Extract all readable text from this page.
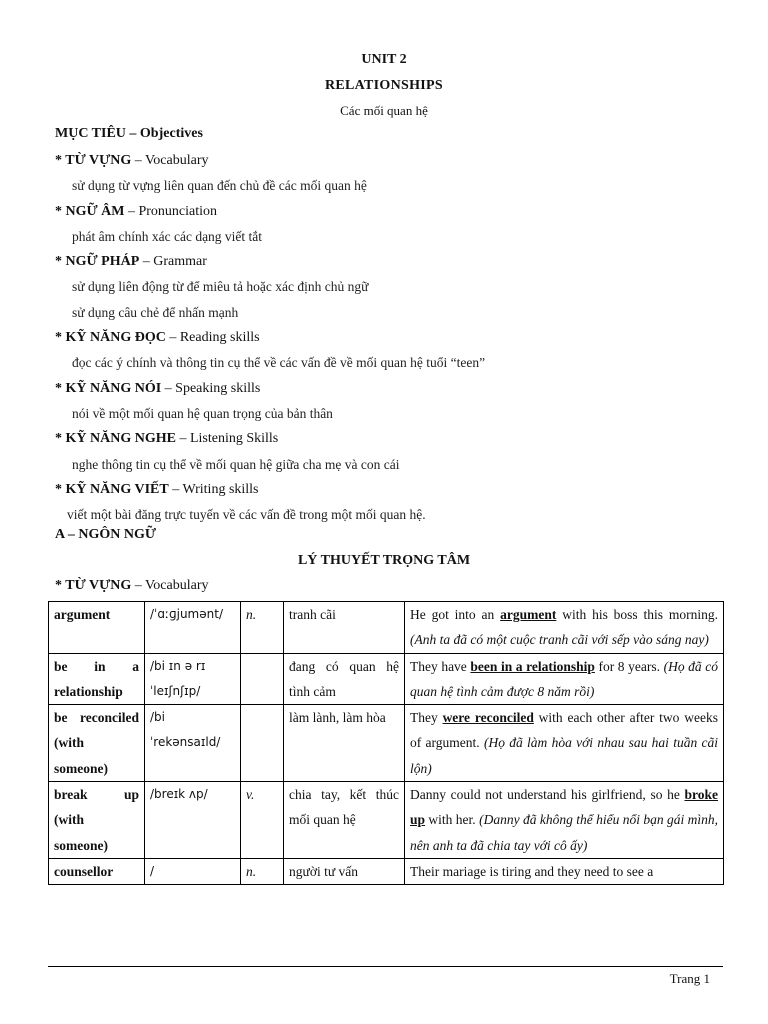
UNIT 2
RELATIONSHIPS
Các mối quan hệ
MỤC TIÊU – Objectives
* TỪ VỰNG – Vocabulary
sử dụng từ vựng liên quan đến chủ đề các mối quan hệ
* NGỮ ÂM – Pronunciation
phát âm chính xác các dạng viết tắt
* NGỮ PHÁP – Grammar
sử dụng liên động từ để miêu tả hoặc xác định chủ ngữ
sử dụng câu chẻ để nhấn mạnh
* KỸ NĂNG ĐỌC – Reading skills
đọc các ý chính và thông tin cụ thể về các vấn đề về mối quan hệ tuổi “teen”
* KỸ NĂNG NÓI – Speaking skills
nói về một mối quan hệ quan trọng của bản thân
* KỸ NĂNG NGHE – Listening Skills
nghe thông tin cụ thể về mối quan hệ giữa cha mẹ và con cái
* KỸ NĂNG VIẾT – Writing skills
viết một bài đăng trực tuyến về các vấn đề trong một mối quan hệ.
A – NGÔN NGỮ
LÝ THUYẾT TRỌNG TÂM
* TỪ VỰNG – Vocabulary
argument	/ˈɑːɡjumənt/	n.	tranh cãi	He got into an argument with his boss this morning. (Anh ta đã có một cuộc tranh cãi với sếp vào sáng nay)
be in a relationship	/bi ɪn ə rɪˈleɪʃnʃɪp/		đang có quan hệ tình cảm	They have been in a relationship for 8 years. (Họ đã có quan hệ tình cảm được 8 năm rồi)
be reconciled (with someone)	/bi ˈrekənsaɪld/		làm lành, làm hòa	They were reconciled with each other after two weeks of argument. (Họ đã làm hòa với nhau sau hai tuần cãi lộn)
break up (with someone)	/breɪk ʌp/	v.	chia tay, kết thúc mối quan hệ	Danny could not understand his girlfriend, so he broke up with her. (Danny đã không thể hiểu nổi bạn gái mình, nên anh ta đã chia tay với cô ấy)
counsellor	/	n.	người tư vấn	Their mariage is tiring and they need to see a
Trang 1
